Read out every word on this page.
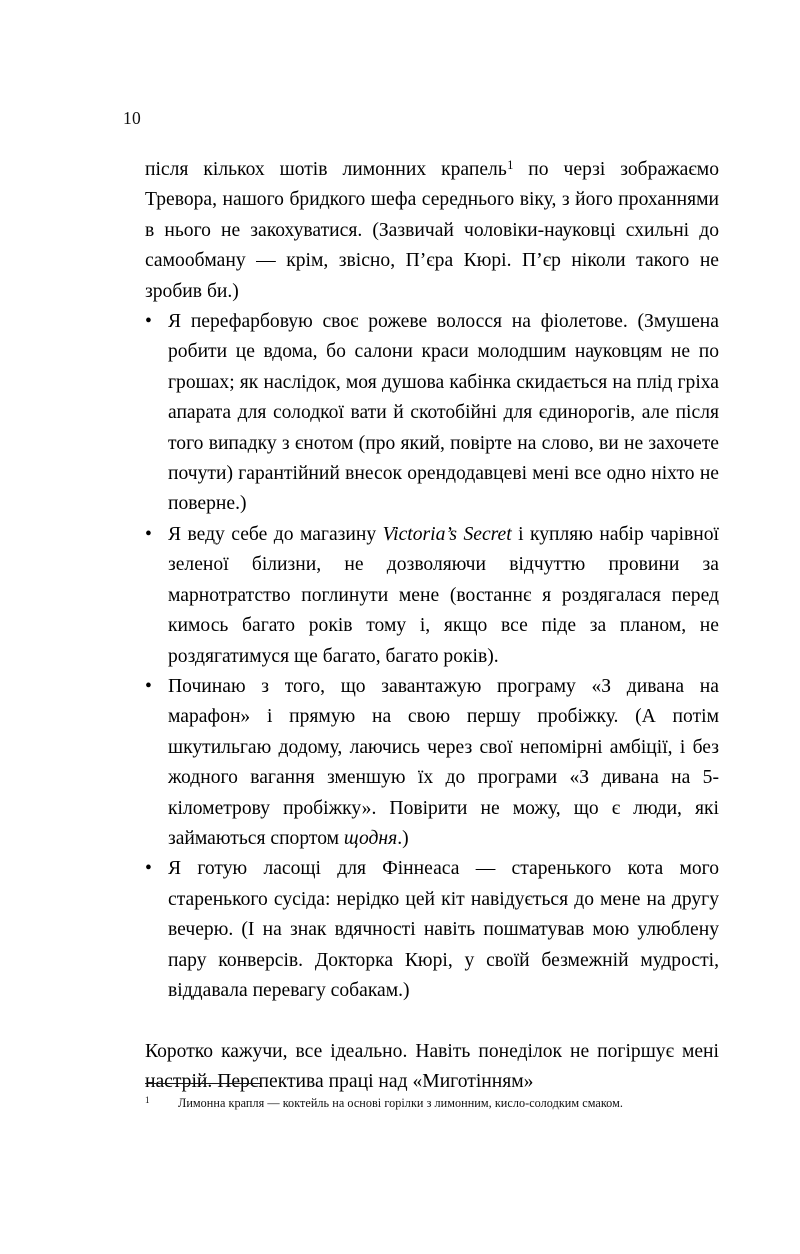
10

після кількох шотів лимонних крапель$^1$ по черзі зображаємо Тревора, нашого бридкого шефа середнього віку, з його проханнями в нього не закохуватися. (Зазвичай чоловіки-науковці схильні до самообману — крім, звісно, П’єра Кюрі. П’єр ніколи такого не зробив би.)

• Я перефарбовую своє рожеве волосся на фіолетове. (Змушена робити це вдома, бо салони краси молодшим науковцям не по грошах; як наслідок, моя душова кабінка скидається на плід гріха апарата для солодкої вати й скотобійні для єдинорогів, але після того випадку з єнотом (про який, повірте на слово, ви не захочете почути) гарантійний внесок орендодавцеві мені все одно ніхто не поверне.)
• Я веду себе до магазину Victoria’s Secret і купляю набір чарівної зеленої білизни, не дозволяючи відчуттю провини за марнотратство поглинути мене (востаннє я роздягалася перед кимось багато років тому і, якщо все піде за планом, не роздягатимуся ще багато, багато років).
• Починаю з того, що завантажую програму «З дивана на марафон» і прямую на свою першу пробіжку. (А потім шкутильгаю додому, лаючись через свої непомірні амбіції, і без жодного вагання зменшую їх до програми «З дивана на 5-кілометрову пробіжку». Повірити не можу, що є люди, які займаються спортом щодня.)
• Я готую ласощі для Фіннеаса — старенького кота мого старенького сусіда: нерідко цей кіт навідується до мене на другу вечерю. (І на знак вдячності навіть пошматував мою улюблену пару конверсів. Докторка Кюрі, у своїй безмежній мудрості, віддавала перевагу собакам.)

Коротко кажучи, все ідеально. Навіть понеділок не погіршує мені настрій. Перспектива праці над «Миготінням»

1 Лимонна крапля — коктейль на основі горілки з лимонним, кисло-солодким смаком.
